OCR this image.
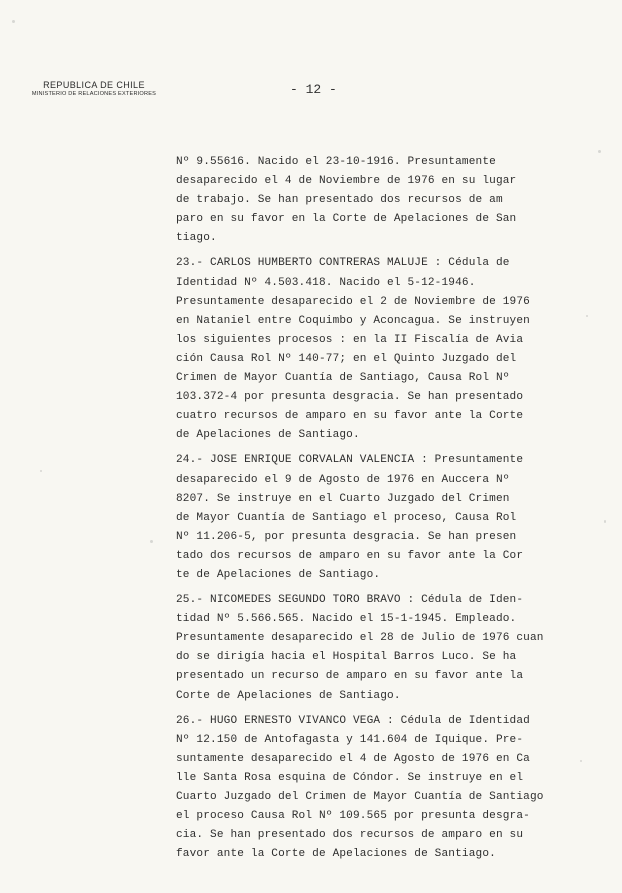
REPUBLICA DE CHILE
MINISTERIO DE RELACIONES EXTERIORES	- 12 -
Nº 9.55616. Nacido el 23-10-1916. Presuntamente
desaparecido el 4 de Noviembre de 1976 en su lugar
de trabajo. Se han presentado dos recursos de am
paro en su favor en la Corte de Apelaciones de San
tiago.
23.- CARLOS HUMBERTO CONTRERAS MALUJE : Cédula de
Identidad Nº 4.503.418. Nacido el 5-12-1946.
Presuntamente desaparecido el 2 de Noviembre de 1976
en Nataniel entre Coquimbo y Aconcagua. Se instruyen
los siguientes procesos : en la II Fiscalía de Avia
ción Causa Rol Nº 140-77; en el Quinto Juzgado del
Crimen de Mayor Cuantía de Santiago, Causa Rol Nº
103.372-4 por presunta desgracia. Se han presentado
cuatro recursos de amparo en su favor ante la Corte
de Apelaciones de Santiago.
24.- JOSE ENRIQUE CORVALAN VALENCIA : Presuntamente
desaparecido el 9 de Agosto de 1976 en Auccera Nº
8207. Se instruye en el Cuarto Juzgado del Crimen
de Mayor Cuantía de Santiago el proceso, Causa Rol
Nº 11.206-5, por presunta desgracia. Se han presen
tado dos recursos de amparo en su favor ante la Cor
te de Apelaciones de Santiago.
25.- NICOMEDES SEGUNDO TORO BRAVO : Cédula de Iden-
tidad Nº 5.566.565. Nacido el 15-1-1945. Empleado.
Presuntamente desaparecido el 28 de Julio de 1976 cuan
do se dirigía hacia el Hospital Barros Luco. Se ha
presentado un recurso de amparo en su favor ante la
Corte de Apelaciones de Santiago.
26.- HUGO ERNESTO VIVANCO VEGA : Cédula de Identidad
Nº 12.150 de Antofagasta y 141.604 de Iquique. Pre-
suntamente desaparecido el 4 de Agosto de 1976 en Ca
lle Santa Rosa esquina de Cóndor. Se instruye en el
Cuarto Juzgado del Crimen de Mayor Cuantía de Santiago
el proceso Causa Rol Nº 109.565 por presunta desgra-
cia. Se han presentado dos recursos de amparo en su
favor ante la Corte de Apelaciones de Santiago.
